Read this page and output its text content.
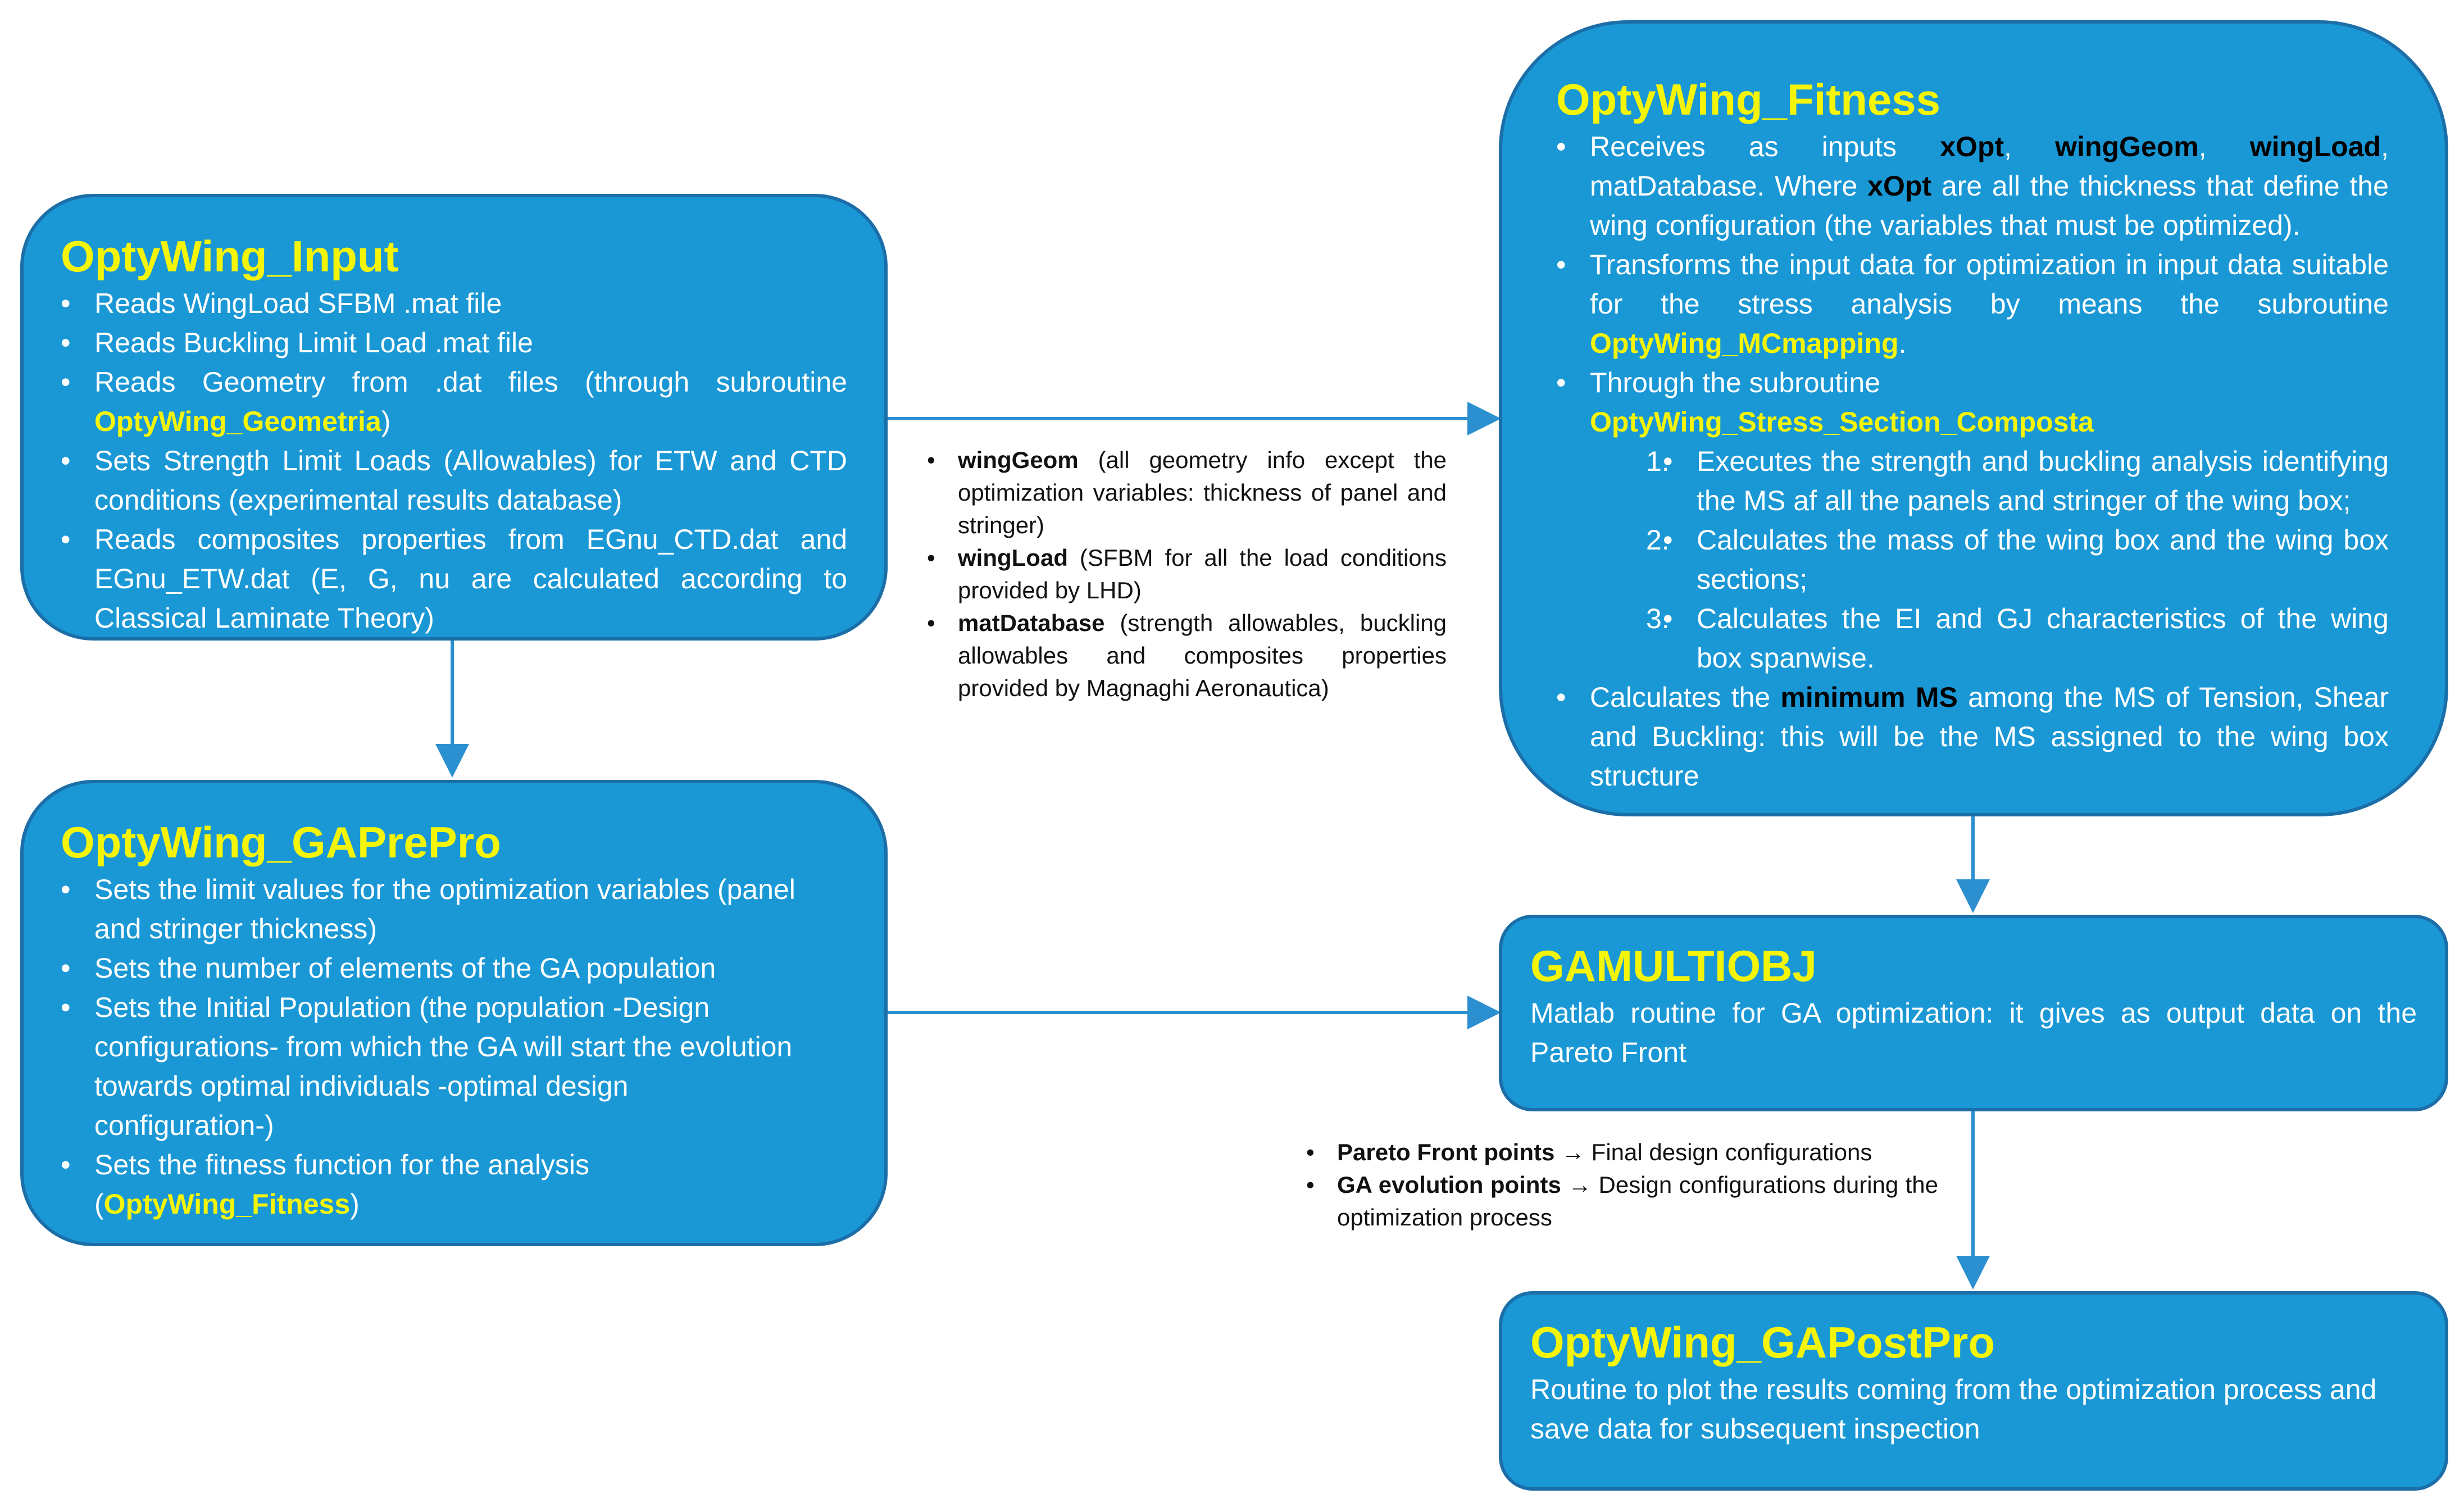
OptyWing_Input
• Reads WingLoad SFBM .mat file
• Reads Buckling Limit Load .mat file
• Reads Geometry from .dat files (through subroutine OptyWing_Geometria)
• Sets Strength Limit Loads (Allowables) for ETW and CTD conditions (experimental results database)
• Reads composites properties from EGnu_CTD.dat and EGnu_ETW.dat (E, G, nu are calculated according to Classical Laminate Theory)
OptyWing_GAPrePro
• Sets the limit values for the optimization variables (panel and stringer thickness)
• Sets the number of elements of the GA population
• Sets the Initial Population (the population -Design configurations- from which the GA will start the evolution towards optimal individuals -optimal design configuration-)
• Sets the fitness function for the analysis (OptyWing_Fitness)
OptyWing_Fitness
• Receives as inputs xOpt, wingGeom, wingLoad, matDatabase. Where xOpt are all the thickness that define the wing configuration (the variables that must be optimized).
• Transforms the input data for optimization in input data suitable for the stress analysis by means the subroutine OptyWing_MCmapping.
• Through the subroutine OptyWing_Stress_Section_Composta
• 1. Executes the strength and buckling analysis identifying the MS af all the panels and stringer of the wing box;
• 2. Calculates the mass of the wing box and the wing box sections;
• 3. Calculates the EI and GJ characteristics of the wing box spanwise.
• Calculates the minimum MS among the MS of Tension, Shear and Buckling: this will be the MS assigned to the wing box structure
GAMULTIOBJ
Matlab routine for GA optimization: it gives as output data on the Pareto Front
OptyWing_GAPostPro
Routine to plot the results coming from the optimization process and save data for subsequent inspection
• wingGeom (all geometry info except the optimization variables: thickness of panel and stringer)
• wingLoad (SFBM for all the load conditions provided by LHD)
• matDatabase (strength allowables, buckling allowables and composites properties provided by Magnaghi Aeronautica)
• Pareto Front points → Final design configurations
• GA evolution points → Design configurations during the optimization process
